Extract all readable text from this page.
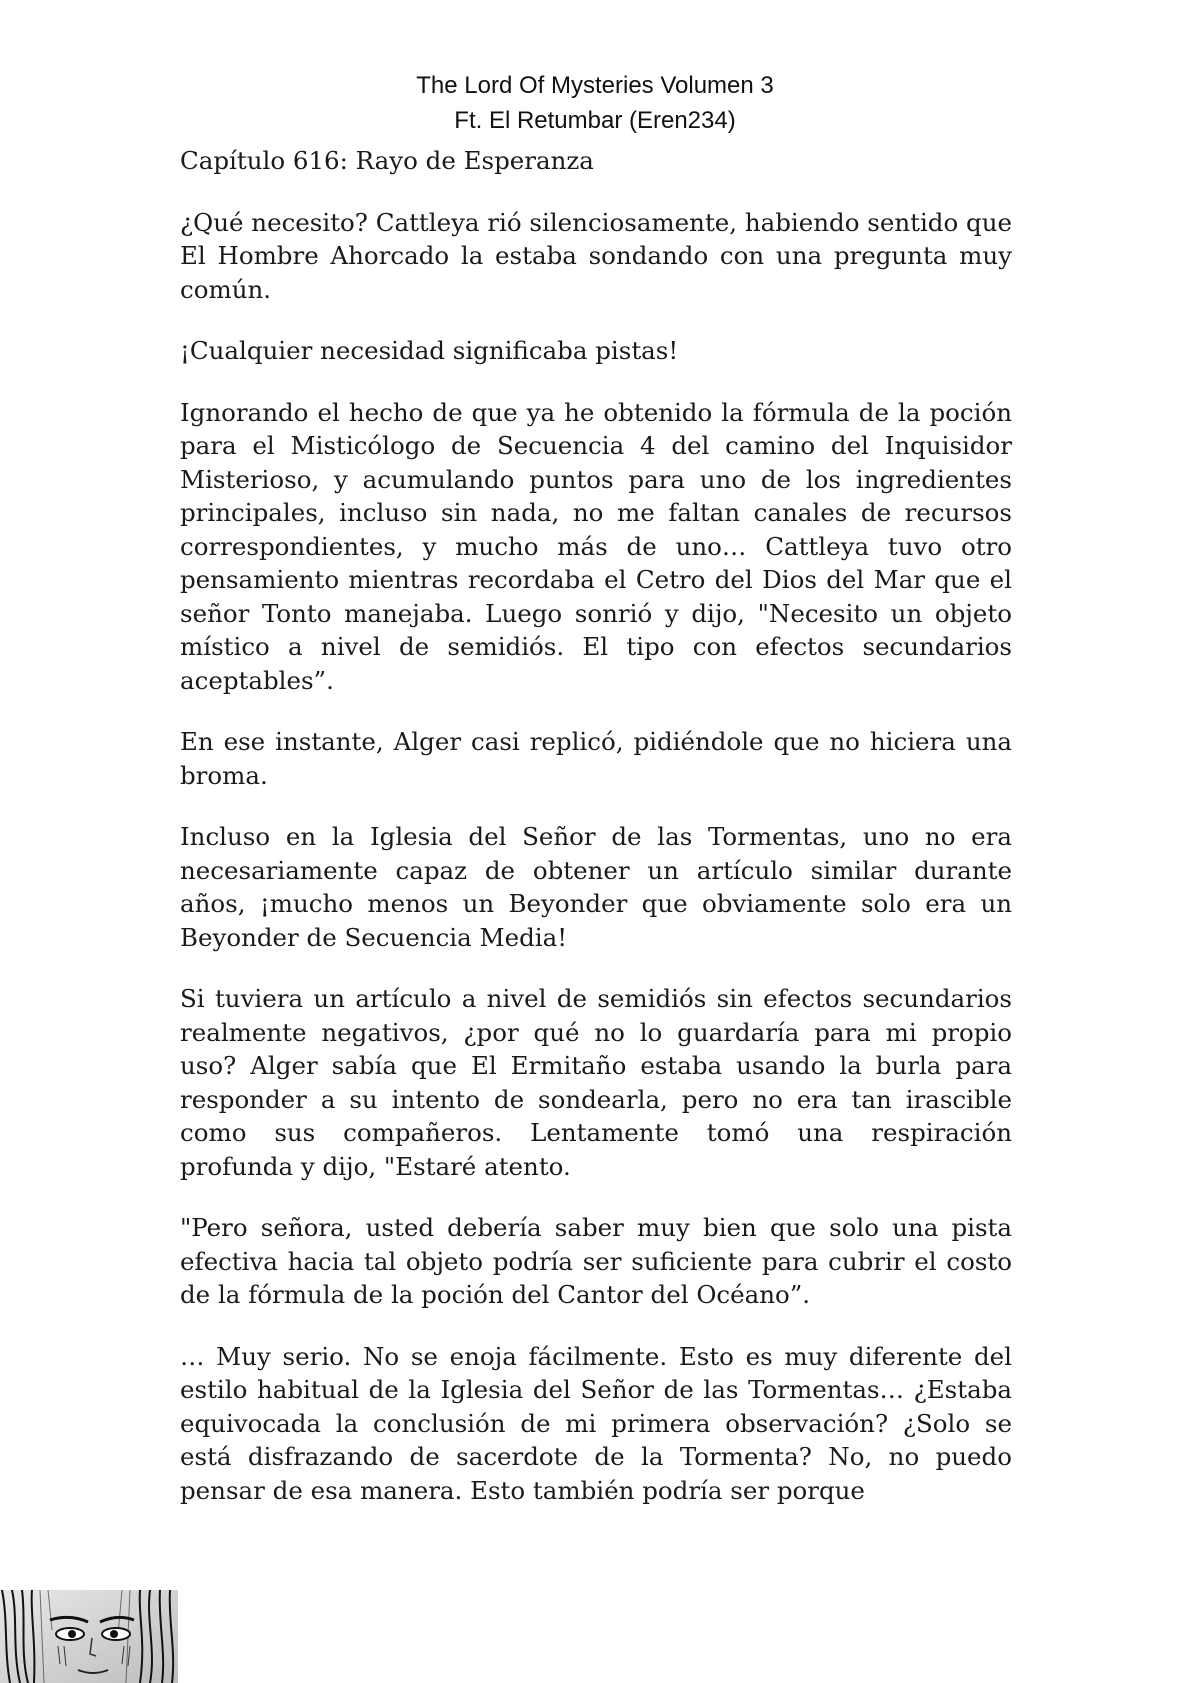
The Lord Of Mysteries Volumen 3
Ft. El Retumbar (Eren234)
Capítulo 616: Rayo de Esperanza

¿Qué necesito? Cattleya rió silenciosamente, habiendo sentido que El Hombre Ahorcado la estaba sondando con una pregunta muy común.

¡Cualquier necesidad significaba pistas!

Ignorando el hecho de que ya he obtenido la fórmula de la poción para el Misticólogo de Secuencia 4 del camino del Inquisidor Misterioso, y acumulando puntos para uno de los ingredientes principales, incluso sin nada, no me faltan canales de recursos correspondientes, y mucho más de uno… Cattleya tuvo otro pensamiento mientras recordaba el Cetro del Dios del Mar que el señor Tonto manejaba. Luego sonrió y dijo, "Necesito un objeto místico a nivel de semidiós. El tipo con efectos secundarios aceptables”.

En ese instante, Alger casi replicó, pidiéndole que no hiciera una broma.

Incluso en la Iglesia del Señor de las Tormentas, uno no era necesariamente capaz de obtener un artículo similar durante años, ¡mucho menos un Beyonder que obviamente solo era un Beyonder de Secuencia Media!

Si tuviera un artículo a nivel de semidiós sin efectos secundarios realmente negativos, ¿por qué no lo guardaría para mi propio uso? Alger sabía que El Ermitaño estaba usando la burla para responder a su intento de sondearla, pero no era tan irascible como sus compañeros. Lentamente tomó una respiración profunda y dijo, "Estaré atento.

"Pero señora, usted debería saber muy bien que solo una pista efectiva hacia tal objeto podría ser suficiente para cubrir el costo de la fórmula de la poción del Cantor del Océano”.

… Muy serio. No se enoja fácilmente. Esto es muy diferente del estilo habitual de la Iglesia del Señor de las Tormentas… ¿Estaba equivocada la conclusión de mi primera observación? ¿Solo se está disfrazando de sacerdote de la Tormenta? No, no puedo pensar de esa manera. Esto también podría ser porque
